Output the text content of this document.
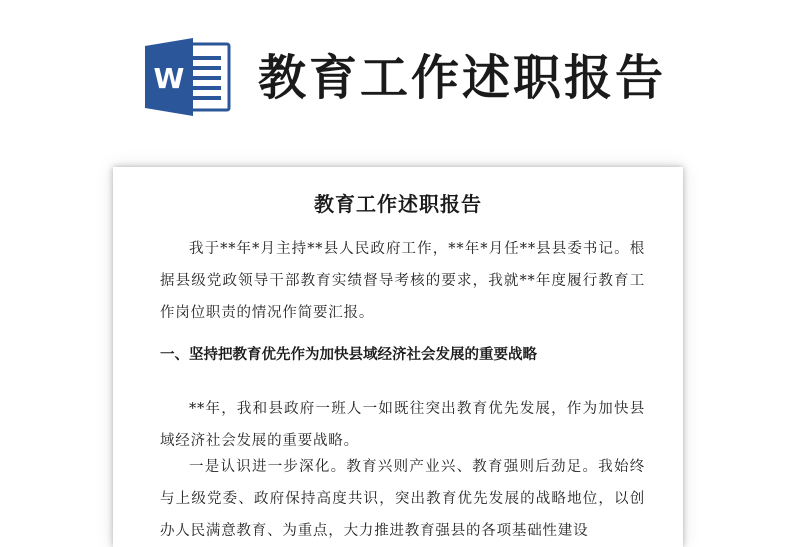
W 教育工作述职报告
教育工作述职报告
我于**年*月主持**县人民政府工作，**年*月任**县县委书记。根据县级党政领导干部教育实绩督导考核的要求，我就**年度履行教育工作岗位职责的情况作简要汇报。
一、坚持把教育优先作为加快县域经济社会发展的重要战略
**年，我和县政府一班人一如既往突出教育优先发展，作为加快县域经济社会发展的重要战略。
一是认识进一步深化。教育兴则产业兴、教育强则后劲足。我始终与上级党委、政府保持高度共识，突出教育优先发展的战略地位，以创办人民满意教育、为重点，大力推进教育强县的各项基础性建设
